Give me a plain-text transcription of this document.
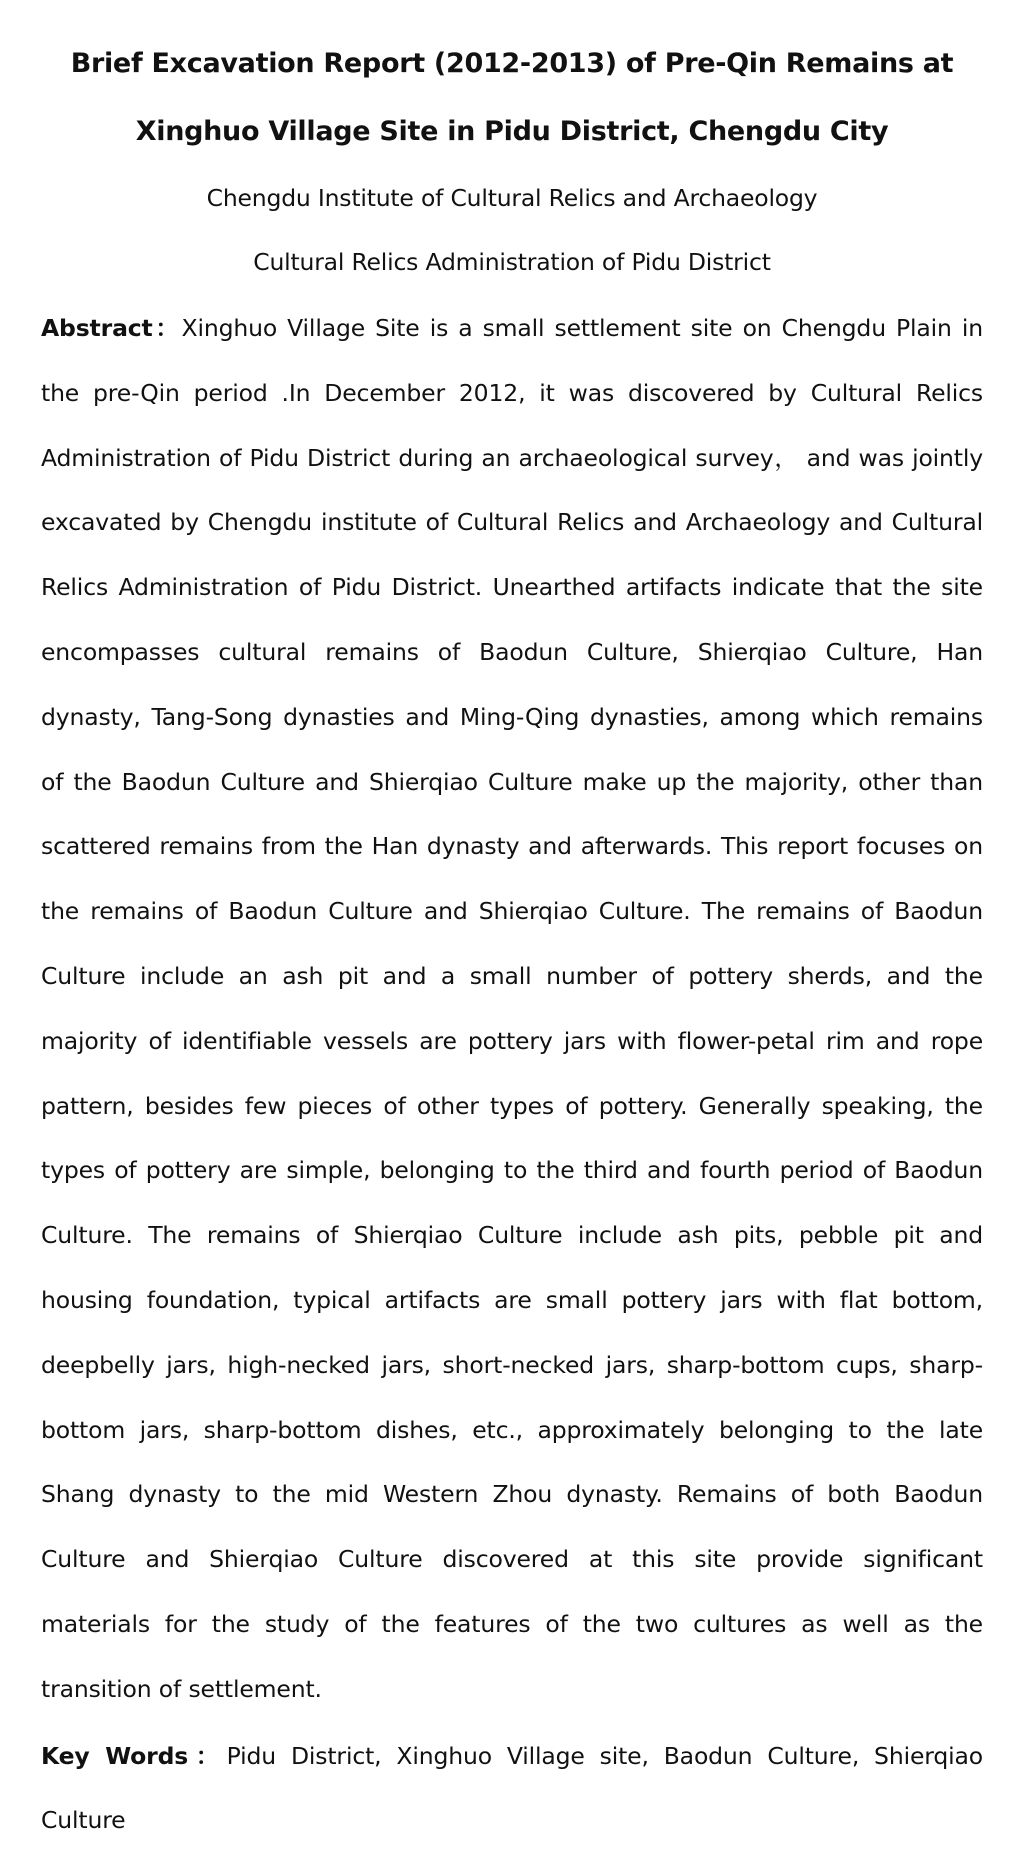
Brief Excavation Report (2012-2013) of Pre-Qin Remains at Xinghuo Village Site in Pidu District, Chengdu City

Chengdu Institute of Cultural Relics and Archaeology

Cultural Relics Administration of Pidu District

Abstract：Xinghuo Village Site is a small settlement site on Chengdu Plain in the pre-Qin period .In December 2012, it was discovered by Cultural Relics Administration of Pidu District during an archaeological survey， and was jointly excavated by Chengdu institute of Cultural Relics and Archaeology and Cultural Relics Administration of Pidu District. Unearthed artifacts indicate that the site encompasses cultural remains of Baodun Culture, Shierqiao Culture, Han dynasty, Tang-Song dynasties and Ming-Qing dynasties, among which remains of the Baodun Culture and Shierqiao Culture make up the majority, other than scattered remains from the Han dynasty and afterwards. This report focuses on the remains of Baodun Culture and Shierqiao Culture. The remains of Baodun Culture include an ash pit and a small number of pottery sherds, and the majority of identifiable vessels are pottery jars with flower-petal rim and rope pattern, besides few pieces of other types of pottery. Generally speaking, the types of pottery are simple, belonging to the third and fourth period of Baodun Culture. The remains of Shierqiao Culture include ash pits, pebble pit and housing foundation, typical artifacts are small pottery jars with flat bottom, deepbelly jars, high-necked jars, short-necked jars, sharp-bottom cups, sharp-bottom jars, sharp-bottom dishes, etc., approximately belonging to the late Shang dynasty to the mid Western Zhou dynasty. Remains of both Baodun Culture and Shierqiao Culture discovered at this site provide significant materials for the study of the features of the two cultures as well as the transition of settlement.

Key Words：Pidu District, Xinghuo Village site, Baodun Culture, Shierqiao Culture
